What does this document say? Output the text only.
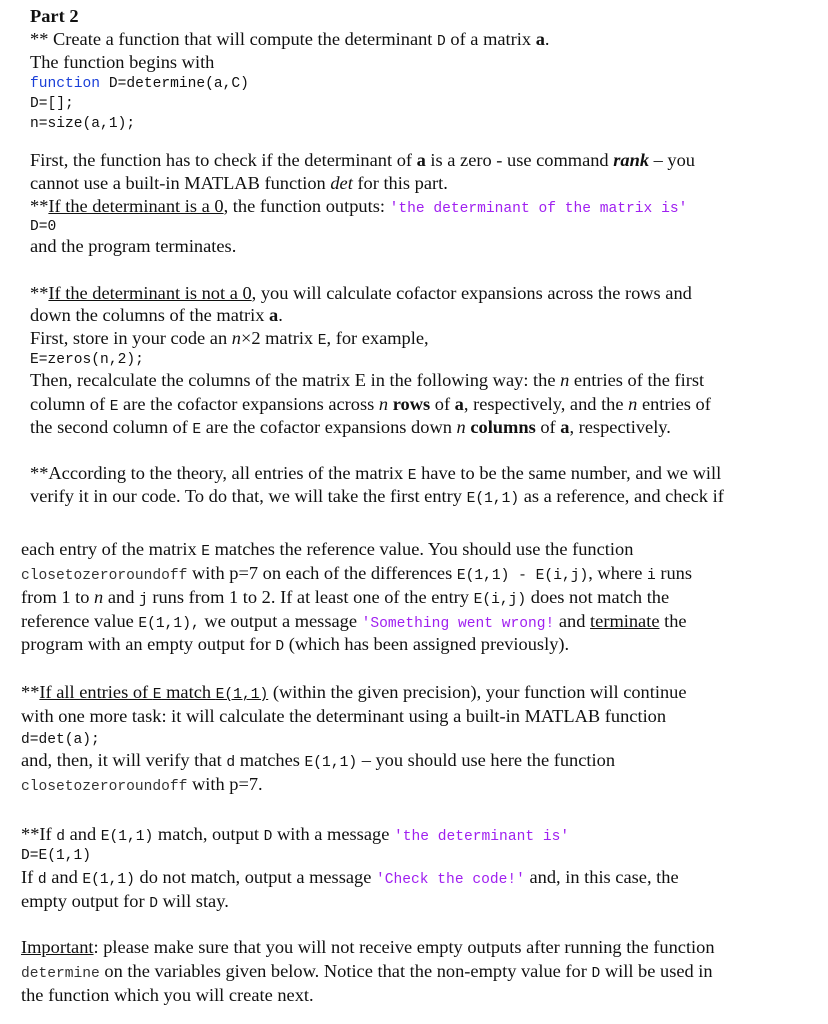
Part 2
** Create a function that will compute the determinant D of a matrix a.
The function begins with
function D=determine(a,C)
D=[];
n=size(a,1);
First, the function has to check if the determinant of a is a zero - use command rank – you
cannot use a built-in MATLAB function det for this part.
**If the determinant is a 0, the function outputs: 'the determinant of the matrix is'
D=0
and the program terminates.
**If the determinant is not a 0, you will calculate cofactor expansions across the rows and
down the columns of the matrix a.
First, store in your code an n×2 matrix E, for example,
E=zeros(n,2);
Then, recalculate the columns of the matrix E in the following way: the n entries of the first
column of E are the cofactor expansions across n rows of a, respectively, and the n entries of
the second column of E are the cofactor expansions down n columns of a, respectively.
**According to the theory, all entries of the matrix E have to be the same number, and we will
verify it in our code. To do that, we will take the first entry E(1,1) as a reference, and check if
each entry of the matrix E matches the reference value. You should use the function
closetozeroroundoff with p=7 on each of the differences E(1,1) - E(i,j), where i runs
from 1 to n and j runs from 1 to 2. If at least one of the entry E(i,j) does not match the
reference value E(1,1), we output a message 'Something went wrong! and terminate the
program with an empty output for D (which has been assigned previously).
**If all entries of E match E(1,1) (within the given precision), your function will continue
with one more task: it will calculate the determinant using a built-in MATLAB function
d=det(a);
and, then, it will verify that d matches E(1,1) – you should use here the function
closetozeroroundoff with p=7.
**If d and E(1,1) match, output D with a message 'the determinant is'
D=E(1,1)
If d and E(1,1) do not match, output a message 'Check the code!' and, in this case, the
empty output for D will stay.
Important: please make sure that you will not receive empty outputs after running the function
determine on the variables given below. Notice that the non-empty value for D will be used in
the function which you will create next.
